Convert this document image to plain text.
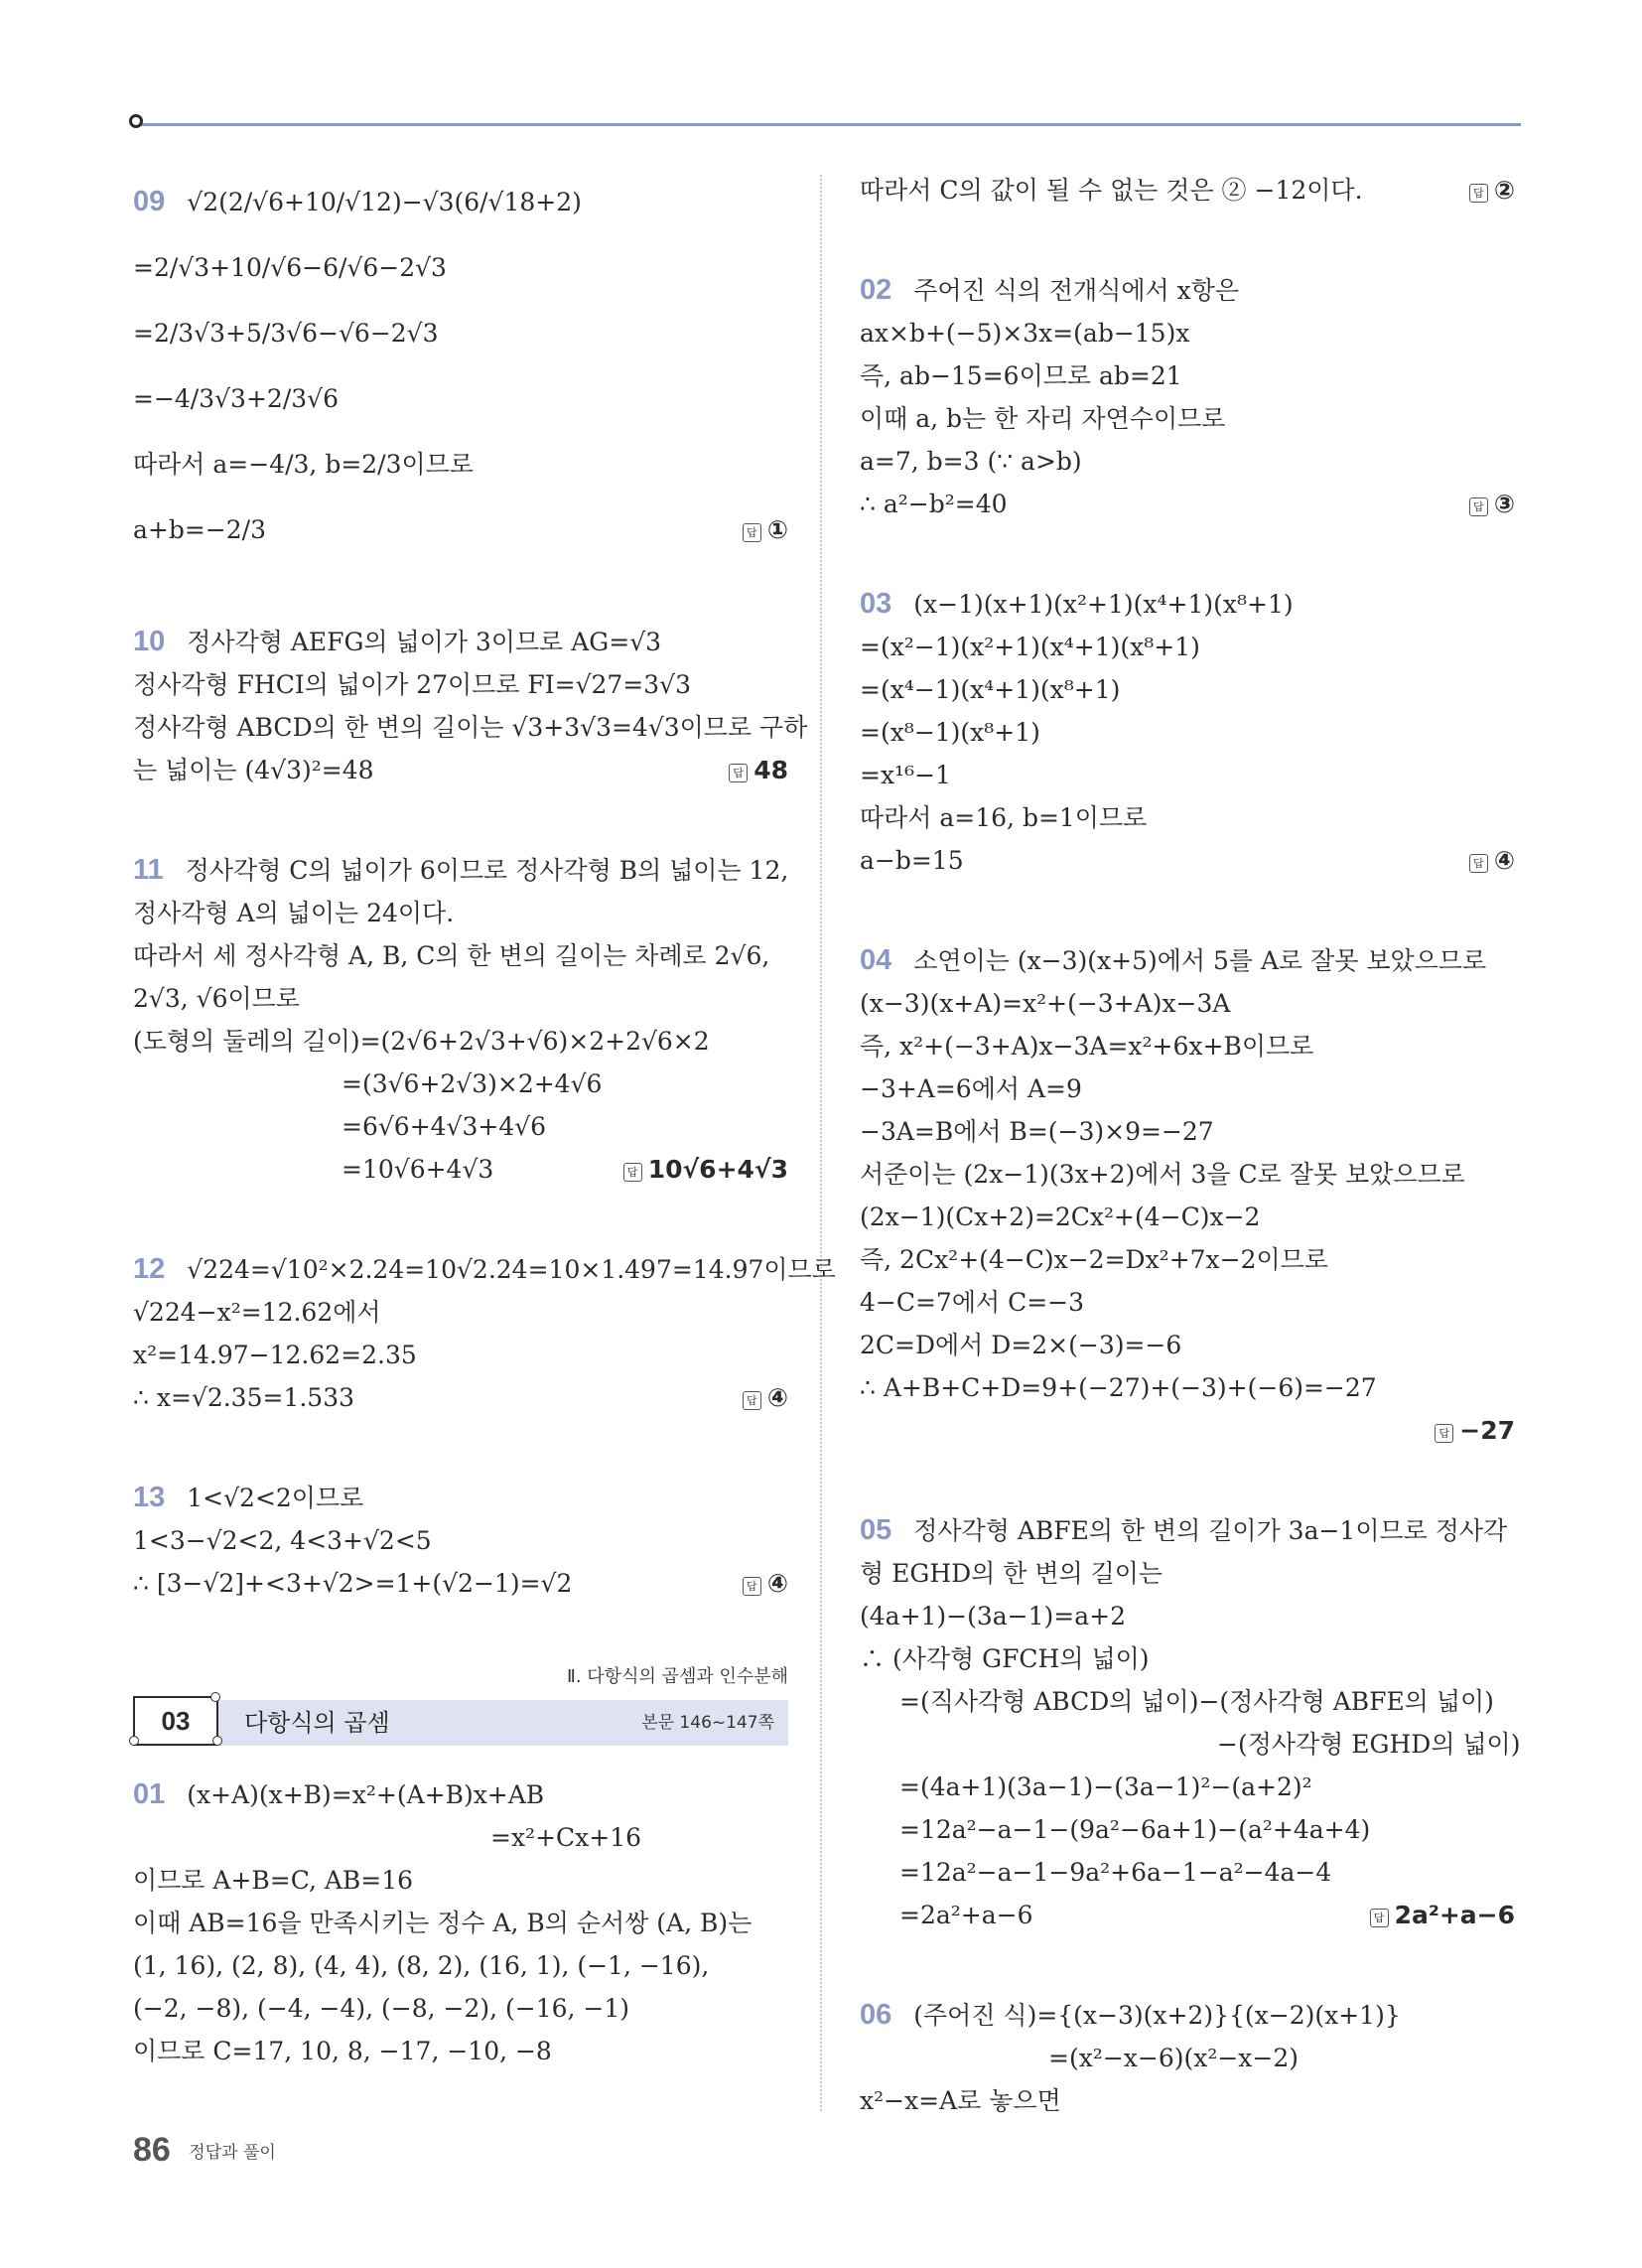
09 √2(2/√6+10/√12)−√3(6/√18+2)
=2/√3+10/√6−6/√6−2√3
=2/3√3+5/3√6−√6−2√3
=−4/3√3+2/3√6
따라서 a=−4/3, b=2/3이므로
a+b=−2/3	답 ①
10 정사각형 AEFG의 넓이가 3이므로 AG=√3
정사각형 FHCI의 넓이가 27이므로 FI=√27=3√3
정사각형 ABCD의 한 변의 길이는 √3+3√3=4√3이므로 구하
는 넓이는 (4√3)²=48	답 48
11 정사각형 C의 넓이가 6이므로 정사각형 B의 넓이는 12,
정사각형 A의 넓이는 24이다.
따라서 세 정사각형 A, B, C의 한 변의 길이는 차례로 2√6,
2√3, √6이므로
(도형의 둘레의 길이)=(2√6+2√3+√6)×2+2√6×2
=(3√6+2√3)×2+4√6
=6√6+4√3+4√6
=10√6+4√3	답 10√6+4√3
12 √224=√10²×2.24=10√2.24=10×1.497=14.97이므로
√224−x²=12.62에서
x²=14.97−12.62=2.35
∴ x=√2.35=1.533	답 ④
13 1<√2<2이므로
1<3−√2<2, 4<3+√2<5
∴ [3−√2]+<3+√2>=1+(√2−1)=√2	답 ④
Ⅱ. 다항식의 곱셈과 인수분해
03	다항식의 곱셈	본문 146~147쪽
01 (x+A)(x+B)=x²+(A+B)x+AB
=x²+Cx+16
이므로 A+B=C, AB=16
이때 AB=16을 만족시키는 정수 A, B의 순서쌍 (A, B)는
(1, 16), (2, 8), (4, 4), (8, 2), (16, 1), (−1, −16),
(−2, −8), (−4, −4), (−8, −2), (−16, −1)
이므로 C=17, 10, 8, −17, −10, −8
따라서 C의 값이 될 수 없는 것은 ② −12이다.	답 ②
02 주어진 식의 전개식에서 x항은
ax×b+(−5)×3x=(ab−15)x
즉, ab−15=6이므로 ab=21
이때 a, b는 한 자리 자연수이므로
a=7, b=3 (∵ a>b)
∴ a²−b²=40	답 ③
03 (x−1)(x+1)(x²+1)(x⁴+1)(x⁸+1)
=(x²−1)(x²+1)(x⁴+1)(x⁸+1)
=(x⁴−1)(x⁴+1)(x⁸+1)
=(x⁸−1)(x⁸+1)
=x¹⁶−1
따라서 a=16, b=1이므로
a−b=15	답 ④
04 소연이는 (x−3)(x+5)에서 5를 A로 잘못 보았으므로
(x−3)(x+A)=x²+(−3+A)x−3A
즉, x²+(−3+A)x−3A=x²+6x+B이므로
−3+A=6에서 A=9
−3A=B에서 B=(−3)×9=−27
서준이는 (2x−1)(3x+2)에서 3을 C로 잘못 보았으므로
(2x−1)(Cx+2)=2Cx²+(4−C)x−2
즉, 2Cx²+(4−C)x−2=Dx²+7x−2이므로
4−C=7에서 C=−3
2C=D에서 D=2×(−3)=−6
∴ A+B+C+D=9+(−27)+(−3)+(−6)=−27
답 −27
05 정사각형 ABFE의 한 변의 길이가 3a−1이므로 정사각
형 EGHD의 한 변의 길이는
(4a+1)−(3a−1)=a+2
∴ (사각형 GFCH의 넓이)
=(직사각형 ABCD의 넓이)−(정사각형 ABFE의 넓이)
−(정사각형 EGHD의 넓이)
=(4a+1)(3a−1)−(3a−1)²−(a+2)²
=12a²−a−1−(9a²−6a+1)−(a²+4a+4)
=12a²−a−1−9a²+6a−1−a²−4a−4
=2a²+a−6	답 2a²+a−6
06 (주어진 식)={(x−3)(x+2)}{(x−2)(x+1)}
=(x²−x−6)(x²−x−2)
x²−x=A로 놓으면
86 정답과 풀이
